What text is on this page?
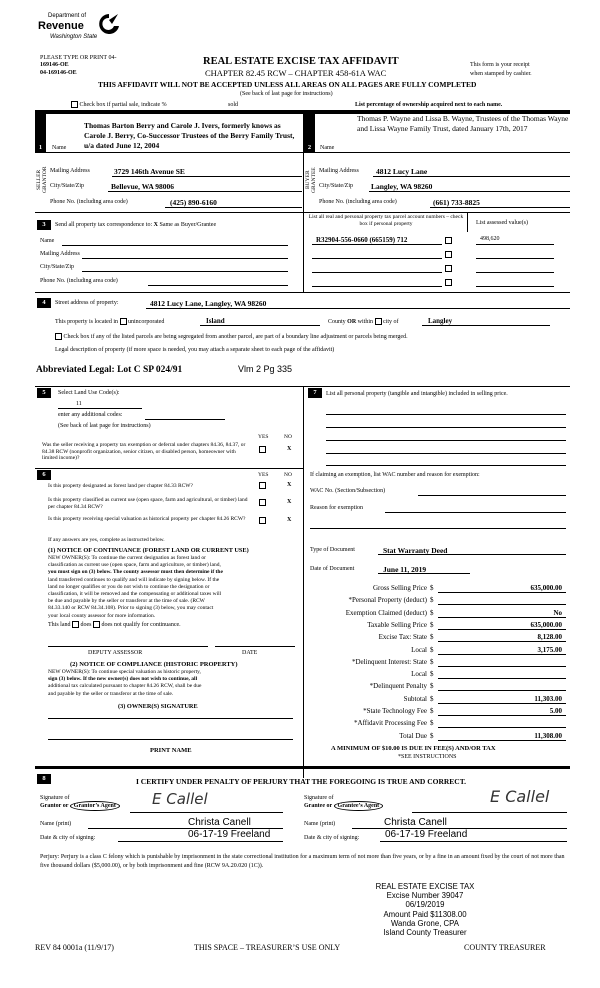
Department of
Revenue
Washington State
PLEASE TYPE OR PRINT 04-
169146-OE
04-169146-OE
REAL ESTATE EXCISE TAX AFFIDAVIT
CHAPTER 82.45 RCW – CHAPTER 458-61A WAC
This form is your receipt
when stamped by cashier.
THIS AFFIDAVIT WILL NOT BE ACCEPTED UNLESS ALL AREAS ON ALL PAGES ARE FULLY COMPLETED
(See back of last page for instructions)
Check box if partial sale, indicate %	sold	List percentage of ownership acquired next to each name.
1	2
Thomas Barton Berry and Carole J. Ivers, formerly knows as Carole J. Berry, Co-Successor Trustees of the Berry Family Trust, u/a dated June 12, 2004
Name
SELLER GRANTOR Mailing Address	3729 146th Avenue SE
City/State/Zip	Bellevue, WA 98006
Phone No. (including area code)	(425) 890-6160
Thomas P. Wayne and Lissa B. Wayne, Trustees of the Thomas Wayne and Lissa Wayne Family Trust, dated January 17th, 2017
Name
BUYER GRANTEE Mailing Address 4812 Lucy Lane
City/State/Zip Langley, WA 98260
Phone No. (including area code)	(661) 733-8825
3	Send all property tax correspondence to: X Same as Buyer/Grantee
Name
Mailing Address
City/State/Zip
Phone No. (including area code)
List all real and personal property tax parcel account numbers – check box if personal property	List assessed value(s)
R32904-556-0660 (665159) 712	498,620
4	Street address of property:	4812 Lucy Lane, Langley, WA 98260
This property is located in unincorporated	Island	County OR within  city of	Langley
Check box if any of the listed parcels are being segregated from another parcel, are part of a boundary line adjustment or parcels being merged.
Legal description of property (if more space is needed, you may attach a separate sheet to each page of the affidavit)
Abbreviated Legal: Lot C SP 024/91	Vlm 2 Pg 335
5	Select Land Use Code(s):
11
enter any additional codes:
(See back of last page for instructions)
YES	NO
Was the seller receiving a property tax exemption or deferral under chapters 84.36, 84.37, or 84.38 RCW (nonprofit organization, senior citizen, or disabled person, homeowner with limited income)?
X
6	YES	NO
Is this property designated as forest land per chapter 84.33 RCW?	X
Is this property classified as current use (open space, farm and agricultural, or timber) land per chapter 84.34 RCW?
X
Is this property receiving special valuation as historical property per chapter 84.26 RCW?	X
If any answers are yes, complete as instructed below.
(1) NOTICE OF CONTINUANCE (FOREST LAND OR CURRENT USE)
NEW OWNER(S): To continue the current designation as forest land or
classification as current use (open space, farm and agriculture, or timber) land,
you must sign on (3) below. The county assessor must then determine if the
land transferred continues to qualify and will indicate by signing below. If the
land no longer qualifies or you do not wish to continue the designation or
classification, it will be removed and the compensating or additional taxes will
be due and payable by the seller or transferor at the time of sale. (RCW
84.33.140 or RCW 84.34.108). Prior to signing (3) below, you may contact
your local county assessor for more information.
This land does does not qualify for continuance.
DEPUTY ASSESSOR	DATE
(2) NOTICE OF COMPLIANCE (HISTORIC PROPERTY)
NEW OWNER(S): To continue special valuation as historic property,
sign (3) below. If the new owner(s) does not wish to continue, all
additional tax calculated pursuant to chapter 84.26 RCW, shall be due
and payable by the seller or transferor at the time of sale.
(3) OWNER(S) SIGNATURE
PRINT NAME
7	List all personal property (tangible and intangible) included in selling price.
If claiming an exemption, list WAC number and reason for exemption:
WAC No. (Section/Subsection)
Reason for exemption
Type of Document	Stat Warranty Deed
Date of Document	June 11, 2019
Gross Selling Price $	635,000.00
*Personal Property (deduct) $
Exemption Claimed (deduct) $	No
Taxable Selling Price $	635,000.00
Excise Tax: State $	8,128.00
Local $	3,175.00
*Delinquent Interest: State $
Local $
*Delinquent Penalty $
Subtotal $	11,303.00
*State Technology Fee $	5.00
*Affidavit Processing Fee $
Total Due $	11,308.00
A MINIMUM OF $10.00 IS DUE IN FEE(S) AND/OR TAX
*SEE INSTRUCTIONS
8	I CERTIFY UNDER PENALTY OF PERJURY THAT THE FOREGOING IS TRUE AND CORRECT.
Signature of
Grantor or Grantor’s Agent E Callel
Name (print)	Christa Canell
Date & city of signing:	06-17-19 Freeland
Signature of
Grantee or Grantee’s Agent	E Callel
Name (print)	Christa Canell
Date & city of signing:	06-17-19 Freeland
Perjury: Perjury is a class C felony which is punishable by imprisonment in the state correctional institution for a maximum term of not more than five years, or by a fine in an amount fixed by the court of not more than five thousand dollars ($5,000.00), or by both imprisonment and fine (RCW 9A.20.020 (1C)).
REAL ESTATE EXCISE TAX
Excise Number 39047
06/19/2019
Amount Paid $11308.00
Wanda Grone, CPA
Island County Treasurer
REV 84 0001a (11/9/17)	THIS SPACE – TREASURER’S USE ONLY	COUNTY TREASURER
